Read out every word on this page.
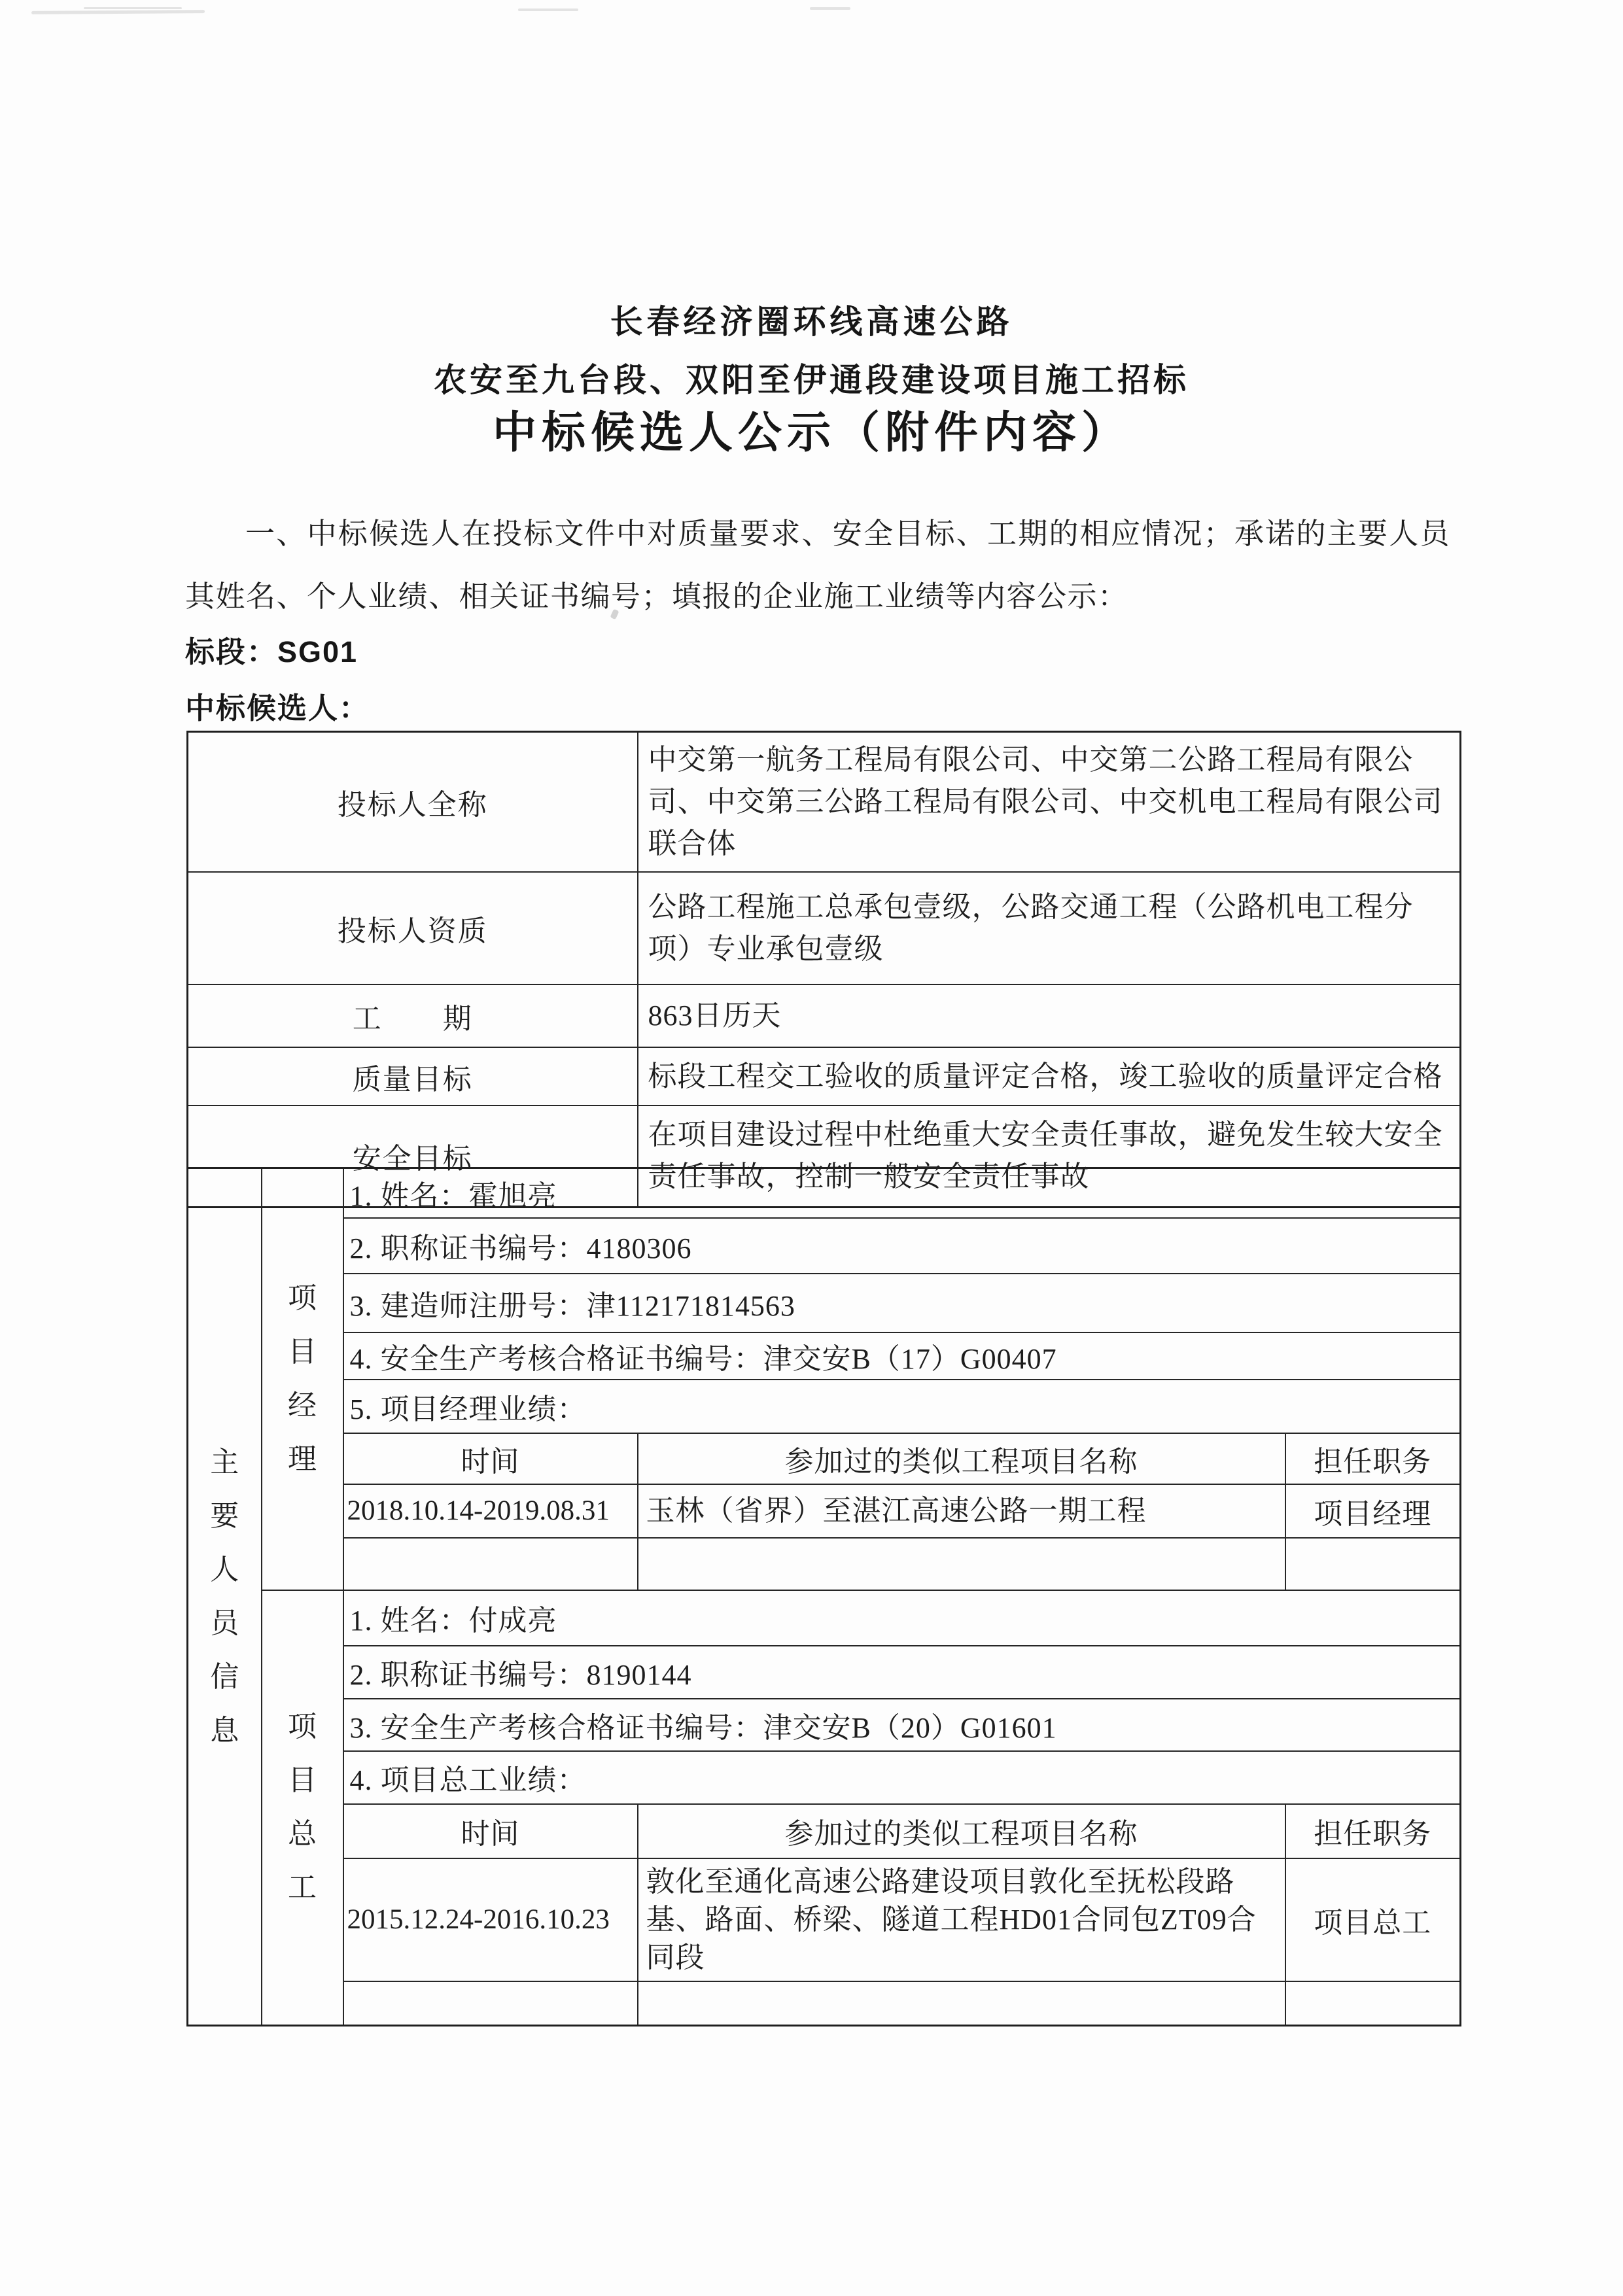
长春经济圈环线高速公路
农安至九台段、双阳至伊通段建设项目施工招标
中标候选人公示（附件内容）
一、中标候选人在投标文件中对质量要求、安全目标、工期的相应情况；承诺的主要人员其姓名、个人业绩、相关证书编号；填报的企业施工业绩等内容公示：
标段：SG01
中标候选人：
投标人全称	中交第一航务工程局有限公司、中交第二公路工程局有限公司、中交第三公路工程局有限公司、中交机电工程局有限公司联合体
投标人资质	公路工程施工总承包壹级，公路交通工程（公路机电工程分项）专业承包壹级
工　　期	863日历天
质量目标	标段工程交工验收的质量评定合格，竣工验收的质量评定合格
安全目标	在项目建设过程中杜绝重大安全责任事故，避免发生较大安全责任事故，控制一般安全责任事故
主要人员信息	项目经理	1. 姓名：霍旭亮		
		2. 职称证书编号：4180306		
		3. 建造师注册号：津112171814563		
		4. 安全生产考核合格证书编号：津交安B（17）G00407		
		5. 项目经理业绩：		
		时间	参加过的类似工程项目名称	担任职务
		2018.10.14-2019.08.31	玉林（省界）至湛江高速公路一期工程	项目经理

	项目总工	1. 姓名：付成亮		
		2. 职称证书编号：8190144		
		3. 安全生产考核合格证书编号：津交安B（20）G01601		
		4. 项目总工业绩：		
		时间	参加过的类似工程项目名称	担任职务
		2015.12.24-2016.10.23	敦化至通化高速公路建设项目敦化至抚松段路基、路面、桥梁、隧道工程HD01合同包ZT09合同段	项目总工
